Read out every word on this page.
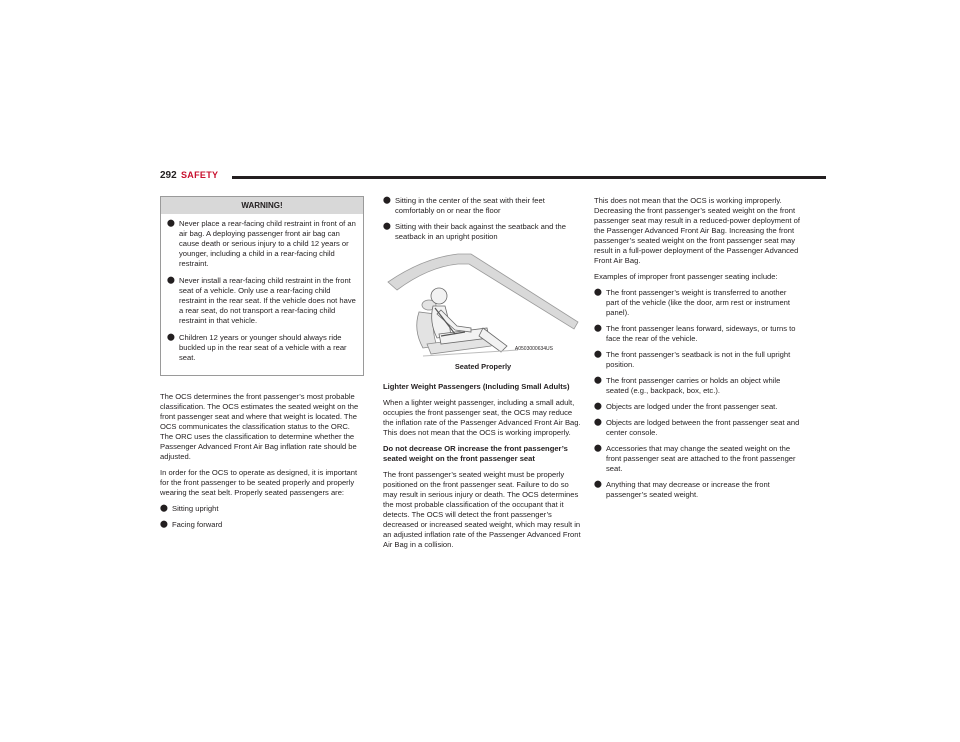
292 SAFETY
WARNING!
⬤ Never place a rear-facing child restraint in front of an air bag. A deploying passenger front air bag can cause death or serious injury to a child 12 years or younger, including a child in a rear-facing child restraint.
⬤ Never install a rear-facing child restraint in the front seat of a vehicle. Only use a rear-facing child restraint in the rear seat. If the vehicle does not have a rear seat, do not transport a rear-facing child restraint in that vehicle.
⬤ Children 12 years or younger should always ride buckled up in the rear seat of a vehicle with a rear seat.

The OCS determines the front passenger’s most probable classification. The OCS estimates the seated weight on the front passenger seat and where that weight is located. The OCS communicates the classification status to the ORC. The ORC uses the classification to determine whether the Passenger Advanced Front Air Bag inflation rate should be adjusted.

In order for the OCS to operate as designed, it is important for the front passenger to be seated properly and properly wearing the seat belt. Properly seated passengers are:

⬤ Sitting upright
⬤ Facing forward
⬤ Sitting in the center of the seat with their feet comfortably on or near the floor
⬤ Sitting with their back against the seatback and the seatback in an upright position
A0503000634US
Seated Properly

Lighter Weight Passengers (Including Small Adults)

When a lighter weight passenger, including a small adult, occupies the front passenger seat, the OCS may reduce the inflation rate of the Passenger Advanced Front Air Bag. This does not mean that the OCS is working improperly.

Do not decrease OR increase the front passenger’s seated weight on the front passenger seat

The front passenger’s seated weight must be properly positioned on the front passenger seat. Failure to do so may result in serious injury or death. The OCS determines the most probable classification of the occupant that it detects. The OCS will detect the front passenger’s decreased or increased seated weight, which may result in an adjusted inflation rate of the Passenger Advanced Front Air Bag in a collision.

This does not mean that the OCS is working improperly. Decreasing the front passenger’s seated weight on the front passenger seat may result in a reduced-power deployment of the Passenger Advanced Front Air Bag. Increasing the front passenger’s seated weight on the front passenger seat may result in a full-power deployment of the Passenger Advanced Front Air Bag.

Examples of improper front passenger seating include:

⬤ The front passenger’s weight is transferred to another part of the vehicle (like the door, arm rest or instrument panel).
⬤ The front passenger leans forward, sideways, or turns to face the rear of the vehicle.
⬤ The front passenger’s seatback is not in the full upright position.
⬤ The front passenger carries or holds an object while seated (e.g., backpack, box, etc.).
⬤ Objects are lodged under the front passenger seat.
⬤ Objects are lodged between the front passenger seat and center console.
⬤ Accessories that may change the seated weight on the front passenger seat are attached to the front passenger seat.
⬤ Anything that may decrease or increase the front passenger’s seated weight.
